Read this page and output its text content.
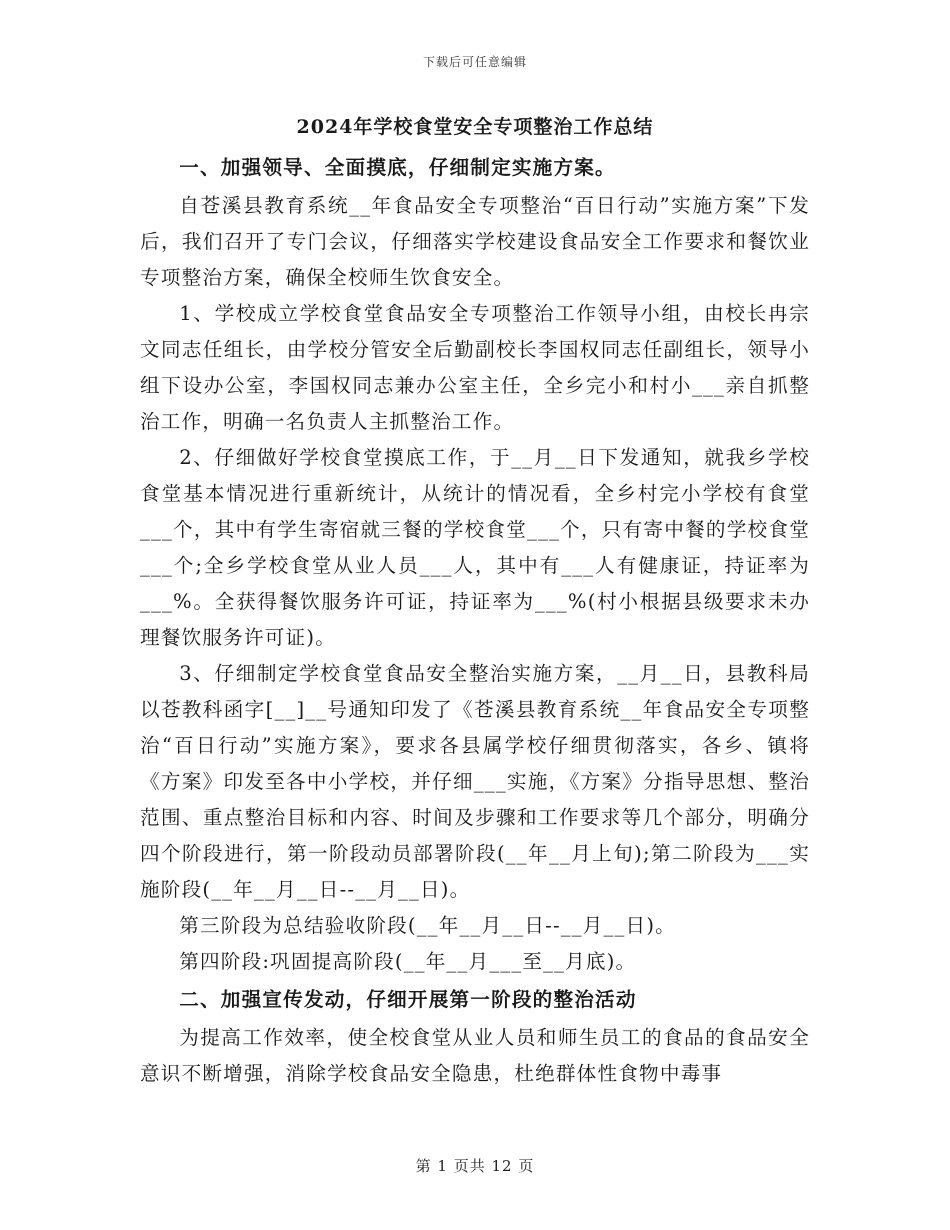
下载后可任意编辑
2024年学校食堂安全专项整治工作总结

一、加强领导、全面摸底，仔细制定实施方案。

自苍溪县教育系统__年食品安全专项整治“百日行动”实施方案”下发后，我们召开了专门会议，仔细落实学校建设食品安全工作要求和餐饮业专项整治方案，确保全校师生饮食安全。

1、学校成立学校食堂食品安全专项整治工作领导小组，由校长冉宗文同志任组长，由学校分管安全后勤副校长李国权同志任副组长，领导小组下设办公室，李国权同志兼办公室主任，全乡完小和村小___亲自抓整治工作，明确一名负责人主抓整治工作。

2、仔细做好学校食堂摸底工作，于__月__日下发通知，就我乡学校食堂基本情况进行重新统计，从统计的情况看，全乡村完小学校有食堂___个，其中有学生寄宿就三餐的学校食堂___个，只有寄中餐的学校食堂___个;全乡学校食堂从业人员___人，其中有___人有健康证，持证率为___%。全获得餐饮服务许可证，持证率为___%(村小根据县级要求未办理餐饮服务许可证)。

3、仔细制定学校食堂食品安全整治实施方案，__月__日，县教科局以苍教科函字[__]__号通知印发了《苍溪县教育系统__年食品安全专项整治“百日行动”实施方案》，要求各县属学校仔细贯彻落实，各乡、镇将《方案》印发至各中小学校，并仔细___实施，《方案》分指导思想、整治范围、重点整治目标和内容、时间及步骤和工作要求等几个部分，明确分四个阶段进行，第一阶段动员部署阶段(__年__月上旬);第二阶段为___实施阶段(__年__月__日--__月__日)。

第三阶段为总结验收阶段(__年__月__日--__月__日)。

第四阶段:巩固提高阶段(__年__月___至__月底)。

二、加强宣传发动，仔细开展第一阶段的整治活动

为提高工作效率，使全校食堂从业人员和师生员工的食品的食品安全意识不断增强，消除学校食品安全隐患，杜绝群体性食物中毒事

第 1 页共 12 页
